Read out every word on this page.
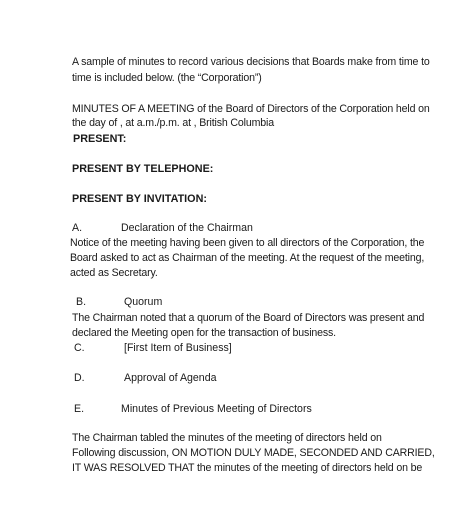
A sample of minutes to record various decisions that Boards make from time to
time is included below. (the “Corporation”)
MINUTES OF A MEETING of the Board of Directors of the Corporation held on
the day of , at a.m./p.m. at , British Columbia
PRESENT:
PRESENT BY TELEPHONE:
PRESENT BY INVITATION:
A.	Declaration of the Chairman
Notice of the meeting having been given to all directors of the Corporation, the
Board asked to act as Chairman of the meeting. At the request of the meeting,
acted as Secretary.
B.	Quorum
The Chairman noted that a quorum of the Board of Directors was present and
declared the Meeting open for the transaction of business.
C.	[First Item of Business]
D.	Approval of Agenda
E.	Minutes of Previous Meeting of Directors
The Chairman tabled the minutes of the meeting of directors held on
Following discussion, ON MOTION DULY MADE, SECONDED AND CARRIED,
IT WAS RESOLVED THAT the minutes of the meeting of directors held on be
